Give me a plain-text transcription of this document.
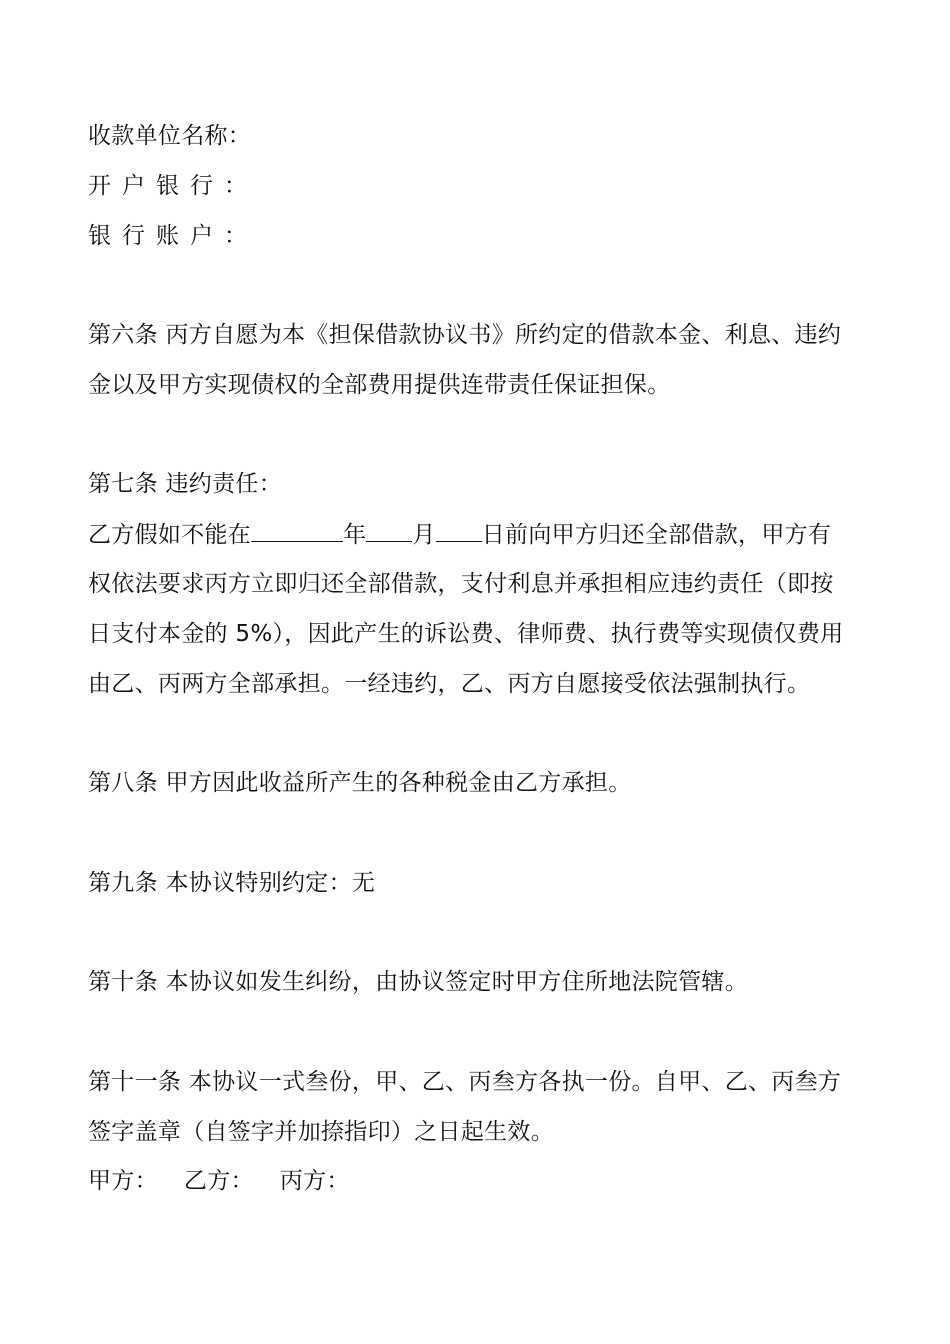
收款单位名称：
开户银行：
银行账户：
第六条 丙方自愿为本《担保借款协议书》所约定的借款本金、利息、违约
金以及甲方实现债权的全部费用提供连带责任保证担保。
第七条 违约责任：
乙方假如不能在	年 月 日前向甲方归还全部借款，甲方有
权依法要求丙方立即归还全部借款，支付利息并承担相应违约责任（即按
日支付本金的 5%），因此产生的诉讼费、律师费、执行费等实现债仅费用
由乙、丙两方全部承担。一经违约，乙、丙方自愿接受依法强制执行。
第八条 甲方因此收益所产生的各种税金由乙方承担。
第九条 本协议特别约定：无
第十条 本协议如发生纠纷，由协议签定时甲方住所地法院管辖。
第十一条 本协议一式叁份，甲、乙、丙叁方各执一份。自甲、乙、丙叁方
签字盖章（自签字并加捺指印）之日起生效。
甲方： 乙方： 丙方：
